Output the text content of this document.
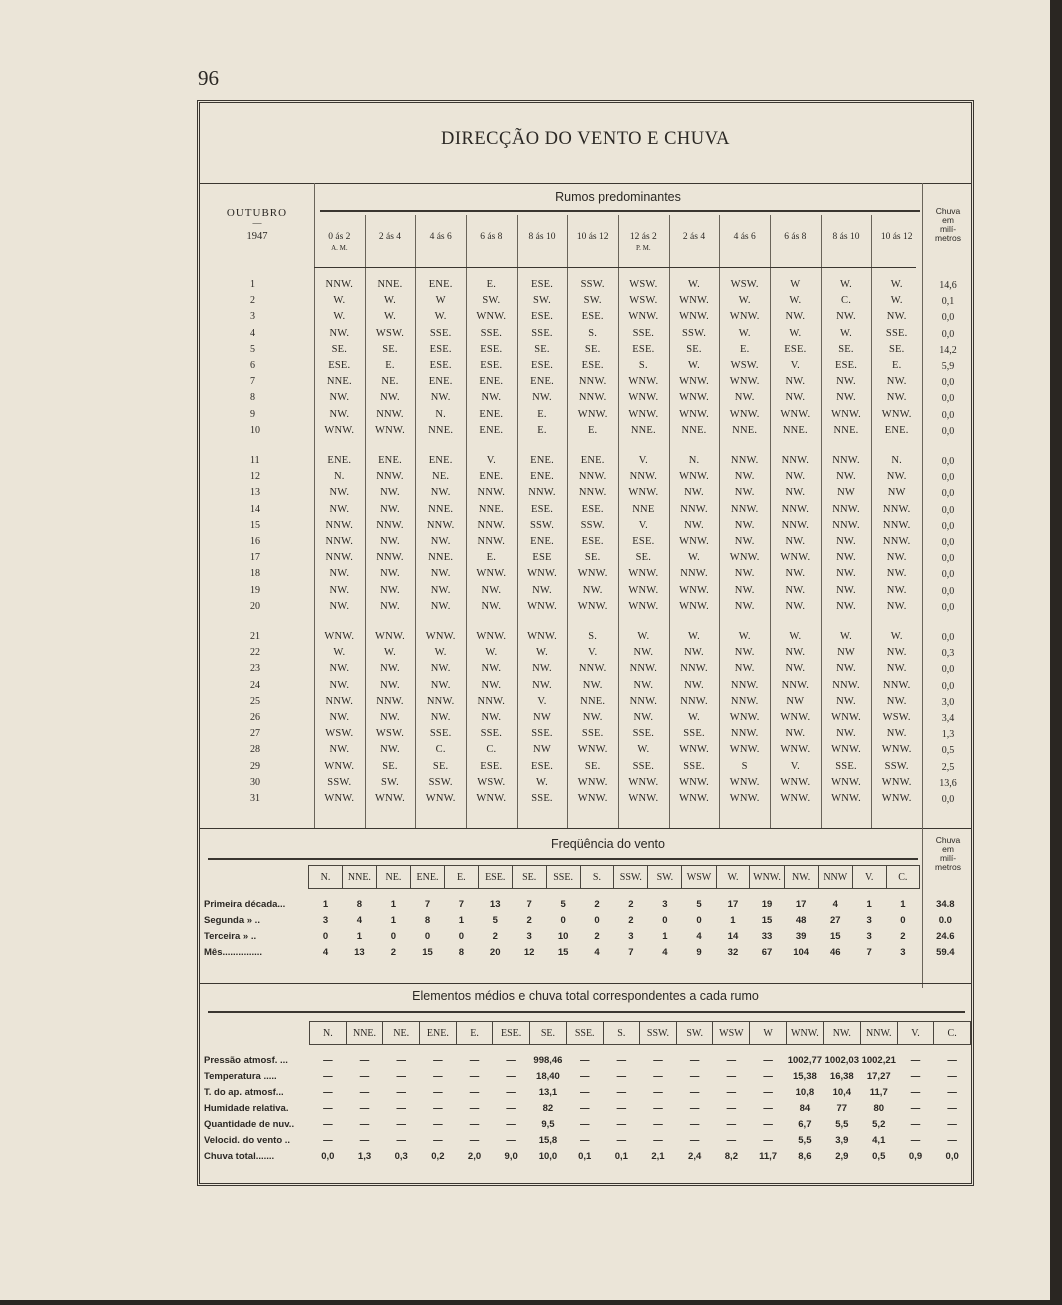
96
DIRECÇÃO DO VENTO E CHUVA
Rumos predominantes
OUTUBRO
—
1947
Chuva
em
milí-
metros
0 ás 2	2 ás 4	4 ás 6	6 ás 8	8 ás 10	10 ás 12	12 ás 2	2 ás 4	4 ás 6	6 ás 8	8 ás 10	10 ás 12
A. M.	P. M.
1	NNW.	NNE.	ENE.	E.	ESE.	SSW.	WSW.	W.	WSW.	W	W.	W.	14,6
2	W.	W.	W	SW.	SW.	SW.	WSW.	WNW.	W.	W.	C.	W.	0,1
3	W.	W.	W.	WNW.	ESE.	ESE.	WNW.	WNW.	WNW.	NW.	NW.	NW.	0,0
4	NW.	WSW.	SSE.	SSE.	SSE.	S.	SSE.	SSW.	W.	W.	W.	SSE.	0,0
5	SE.	SE.	ESE.	ESE.	SE.	SE.	ESE.	SE.	E.	ESE.	SE.	SE.	14,2
6	ESE.	E.	ESE.	ESE.	ESE.	ESE.	S.	W.	WSW.	V.	ESE.	E.	5,9
7	NNE.	NE.	ENE.	ENE.	ENE.	NNW.	WNW.	WNW.	WNW.	NW.	NW.	NW.	0,0
8	NW.	NW.	NW.	NW.	NW.	NNW.	WNW.	WNW.	NW.	NW.	NW.	NW.	0,0
9	NW.	NNW.	N.	ENE.	E.	WNW.	WNW.	WNW.	WNW.	WNW.	WNW.	WNW.	0,0
10	WNW.	WNW.	NNE.	ENE.	E.	E.	NNE.	NNE.	NNE.	NNE.	NNE.	ENE.	0,0
11	ENE.	ENE.	ENE.	V.	ENE.	ENE.	V.	N.	NNW.	NNW.	NNW.	N.	0,0
12	N.	NNW.	NE.	ENE.	ENE.	NNW.	NNW.	WNW.	NW.	NW.	NW.	NW.	0,0
13	NW.	NW.	NW.	NNW.	NNW.	NNW.	WNW.	NW.	NW.	NW.	NW	NW	0,0
14	NW.	NW.	NNE.	NNE.	ESE.	ESE.	NNE	NNW.	NNW.	NNW.	NNW.	NNW.	0,0
15	NNW.	NNW.	NNW.	NNW.	SSW.	SSW.	V.	NW.	NW.	NNW.	NNW.	NNW.	0,0
16	NNW.	NW.	NW.	NNW.	ENE.	ESE.	ESE.	WNW.	NW.	NW.	NW.	NNW.	0,0
17	NNW.	NNW.	NNE.	E.	ESE	SE.	SE.	W.	WNW.	WNW.	NW.	NW.	0,0
18	NW.	NW.	NW.	WNW.	WNW.	WNW.	WNW.	NNW.	NW.	NW.	NW.	NW.	0,0
19	NW.	NW.	NW.	NW.	NW.	NW.	WNW.	WNW.	NW.	NW.	NW.	NW.	0,0
20	NW.	NW.	NW.	NW.	WNW.	WNW.	WNW.	WNW.	NW.	NW.	NW.	NW.	0,0
21	WNW.	WNW.	WNW.	WNW.	WNW.	S.	W.	W.	W.	W.	W.	W.	0,0
22	W.	W.	W.	W.	W.	V.	NW.	NW.	NW.	NW.	NW	NW.	0,3
23	NW.	NW.	NW.	NW.	NW.	NNW.	NNW.	NNW.	NW.	NW.	NW.	NW.	0,0
24	NW.	NW.	NW.	NW.	NW.	NW.	NW.	NW.	NNW.	NNW.	NNW.	NNW.	0,0
25	NNW.	NNW.	NNW.	NNW.	V.	NNE.	NNW.	NNW.	NNW.	NW	NW.	NW.	3,0
26	NW.	NW.	NW.	NW.	NW	NW.	NW.	W.	WNW.	WNW.	WNW.	WSW.	3,4
27	WSW.	WSW.	SSE.	SSE.	SSE.	SSE.	SSE.	SSE.	NNW.	NW.	NW.	NW.	1,3
28	NW.	NW.	C.	C.	NW	WNW.	W.	WNW.	WNW.	WNW.	WNW.	WNW.	0,5
29	WNW.	SE.	SE.	ESE.	ESE.	SE.	SSE.	SSE.	S	V.	SSE.	SSW.	2,5
30	SSW.	SW.	SSW.	WSW.	W.	WNW.	WNW.	WNW.	WNW.	WNW.	WNW.	WNW.	13,6
31	WNW.	WNW.	WNW.	WNW.	SSE.	WNW.	WNW.	WNW.	WNW.	WNW.	WNW.	WNW.	0,0
Freqüência do vento	Chuva
em
milí-
metros
	N.	NNE.	NE.	ENE.	E.	ESE.	SE.	SSE.	S.	SSW.	SW.	WSW	W.	WNW.	NW.	NNW	V.	C.	

Primeira década...	1	8	1	7	7	13	7	5	2	2	3	5	17	19	17	4	1	1	34.8
Segunda » ..	3	4	1	8	1	5	2	0	0	2	0	0	1	15	48	27	3	0	0.0
Terceira » ..	0	1	0	0	0	2	3	10	2	3	1	4	14	33	39	15	3	2	24.6
Mês...............	4	13	2	15	8	20	12	15	4	7	4	9	32	67	104	46	7	3	59.4
Elementos médios e chuva total correspondentes a cada rumo
	N.	NNE.	NE.	ENE.	E.	ESE.	SE.	SSE.	S.	SSW.	SW.	WSW	W	WNW.	NW.	NNW.	V.	C.

Pressão atmosf. ...	—	—	—	—	—	—	998,46	—	—	—	—	—	—	1002,77	1002,03	1002,21	—	—
Temperatura .....	—	—	—	—	—	—	18,40	—	—	—	—	—	—	15,38	16,38	17,27	—	—
T. do ap. atmosf...	—	—	—	—	—	—	13,1	—	—	—	—	—	—	10,8	10,4	11,7	—	—
Humidade relativa.	—	—	—	—	—	—	82	—	—	—	—	—	—	84	77	80	—	—
Quantidade de nuv..	—	—	—	—	—	—	9,5	—	—	—	—	—	—	6,7	5,5	5,2	—	—
Velocid. do vento ..	—	—	—	—	—	—	15,8	—	—	—	—	—	—	5,5	3,9	4,1	—	—
Chuva total.......	0,0	1,3	0,3	0,2	2,0	9,0	10,0	0,1	0,1	2,1	2,4	8,2	11,7	8,6	2,9	0,5	0,9	0,0
